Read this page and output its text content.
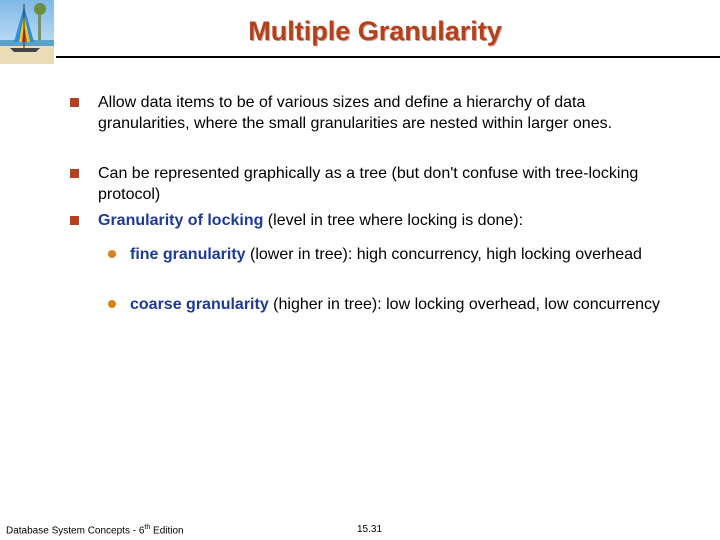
Multiple Granularity
Allow data items to be of various sizes and define a hierarchy of data granularities, where the small granularities are nested within larger ones.
Can be represented graphically as a tree (but don't confuse with tree-locking protocol)
Granularity of locking (level in tree where locking is done):
fine granularity (lower in tree): high concurrency, high locking overhead
coarse granularity (higher in tree): low locking overhead, low concurrency
Database System Concepts - 6th Edition	15.31
